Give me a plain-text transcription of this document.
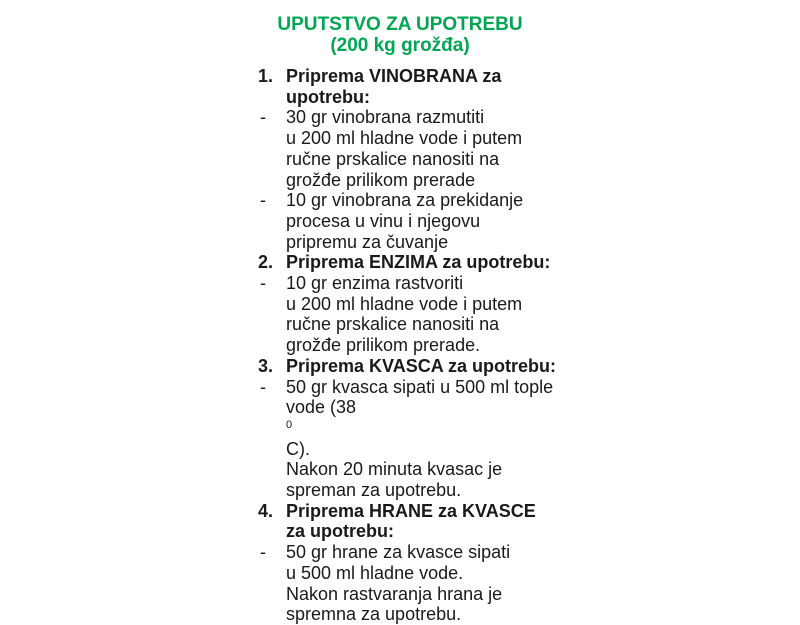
UPUTSTVO ZA UPOTREBU
(200 kg grožđa)
1. Priprema VINOBRANA za
upotrebu:
-	30 gr vinobrana razmutiti
u 200 ml hladne vode i putem
ručne prskalice nanositi na
grožđe prilikom prerade
-	10 gr vinobrana za prekidanje
procesa u vinu i njegovu
pripremu za čuvanje
2. Priprema ENZIMA za upotrebu:
-	10 gr enzima rastvoriti
u 200 ml hladne vode i putem
ručne prskalice nanositi na
grožđe prilikom prerade.
3. Priprema KVASCA za upotrebu:
-	50 gr kvasca sipati u 500 ml tople
vode (38
$^0$
C).
Nakon 20 minuta kvasac je
spreman za upotrebu.
4. Priprema HRANE za KVASCE
za upotrebu:
-	50 gr hrane za kvasce sipati
u 500 ml hladne vode.
Nakon rastvaranja hrana je
spremna za upotrebu.
